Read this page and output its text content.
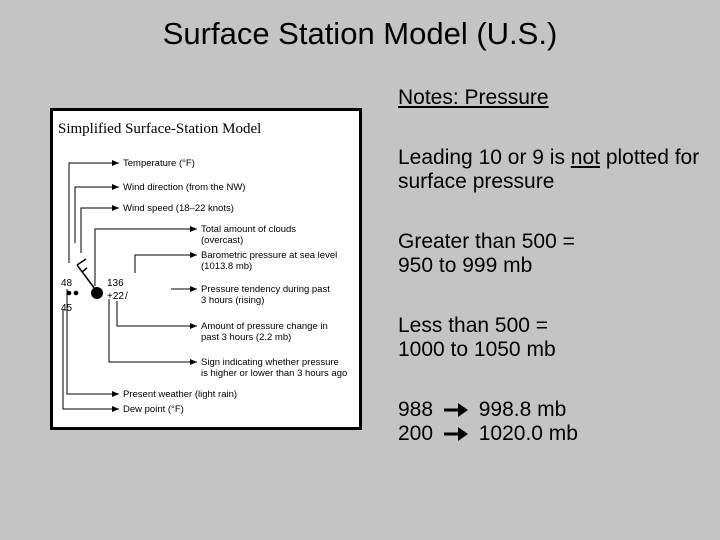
Surface Station Model (U.S.)
Simplified Surface-Station Model
48
45
136
+22 /
Temperature (°F)
Wind direction (from the NW)
Wind speed (18–22 knots)
Total amount of clouds
(overcast)
Barometric pressure at sea level
(1013.8 mb)
Pressure tendency during past
3 hours (rising)
Amount of pressure change in
past 3 hours (2.2 mb)
Sign indicating whether pressure
is higher or lower than 3 hours ago
Present weather (light rain)
Dew point (°F)
Notes: Pressure
Leading 10 or 9 is not plotted for surface pressure
Greater than 500 =
950 to 999 mb
Less than 500 =
1000 to 1050 mb
988 998.8 mb
200 1020.0 mb
